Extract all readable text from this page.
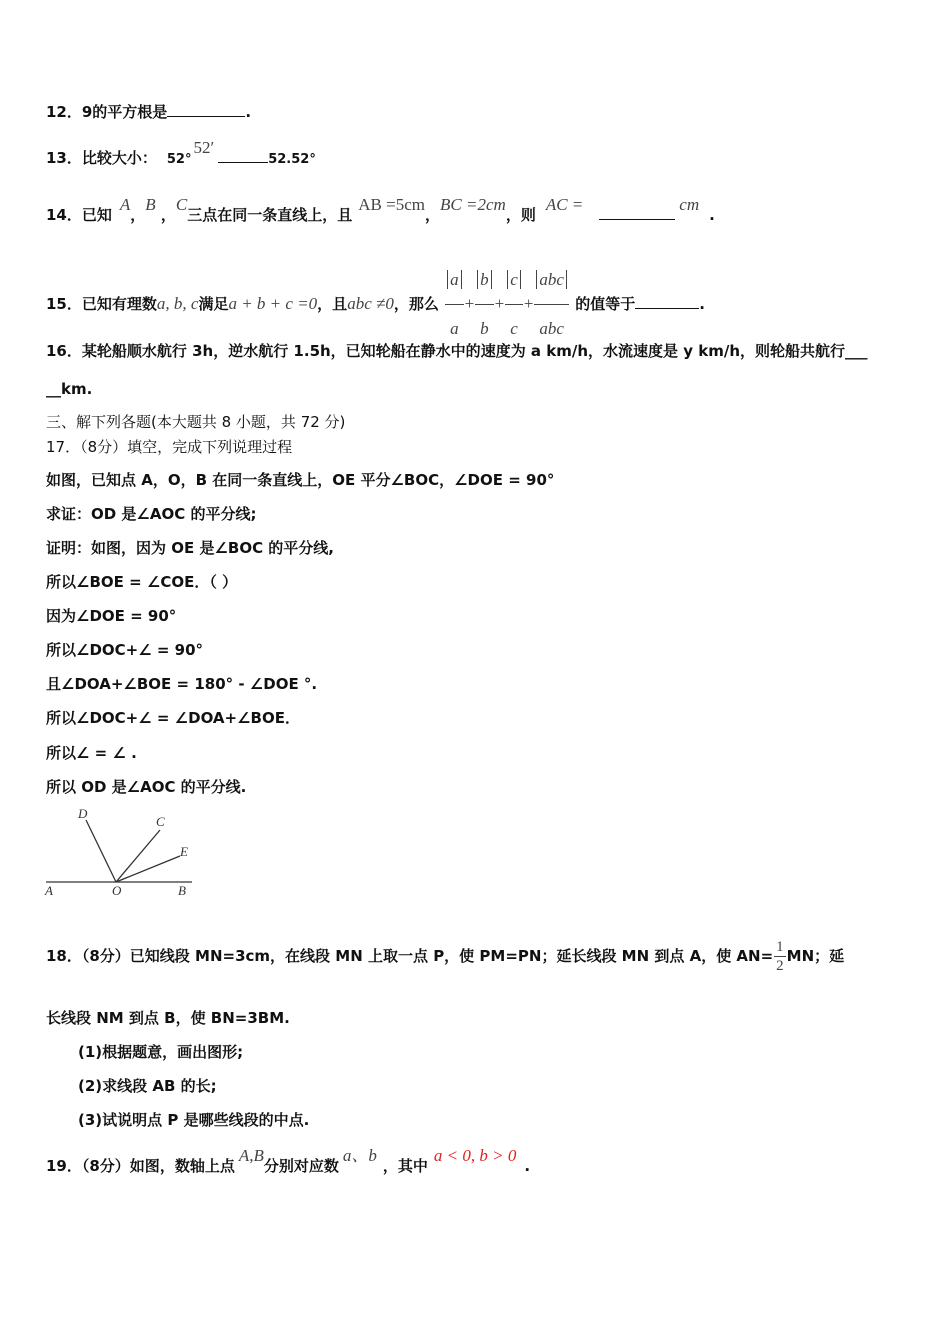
12．9的平方根是	.
13．比较大小： 52°52′52.52°
14．已知A，B ，C三点在同一条直线上，且AB =5cm，BC =2cm，则AC =	cm.
15．已知有理数a, b, c满足a + b + c =0，且abc ≠0，那么 $\frac{a}{a} + \frac{b}{b} + \frac{c}{c} + \frac{\text{abc}}{\text{abc}}$ 的值等于	.
16．某轮船顺水航行 3h，逆水航行 1.5h，已知轮船在静水中的速度为 a km/h，水流速度是 y km/h，则轮船共航行___
__km.
三、解下列各题(本大题共 8 小题，共 72 分)
17．（8分）填空，完成下列说理过程
如图，已知点 A，O，B 在同一条直线上，OE 平分∠BOC，∠DOE = 90°
求证：OD 是∠AOC 的平分线;
证明：如图，因为 OE 是∠BOC 的平分线,
所以∠BOE = ∠COE．（ ）
因为∠DOE = 90°
所以∠DOC+∠ = 90°
且∠DOA+∠BOE = 180° - ∠DOE °.
所以∠DOC+∠ = ∠DOA+∠BOE．
所以∠ = ∠ .
所以 OD 是∠AOC 的平分线.
D
C
E
A	O	B
18．（8分）已知线段 MN=3cm，在线段 MN 上取一点 P，使 PM=PN；延长线段 MN 到点 A，使 $AN= \frac{1}{2}$ MN；延
长线段 NM 到点 B，使 BN=3BM.
(1)根据题意，画出图形;
(2)求线段 AB 的长;
(3)试说明点 P 是哪些线段的中点.
19．（8分）如图，数轴上点A,B分别对应数a、b，其中a < 0, b > 0.
